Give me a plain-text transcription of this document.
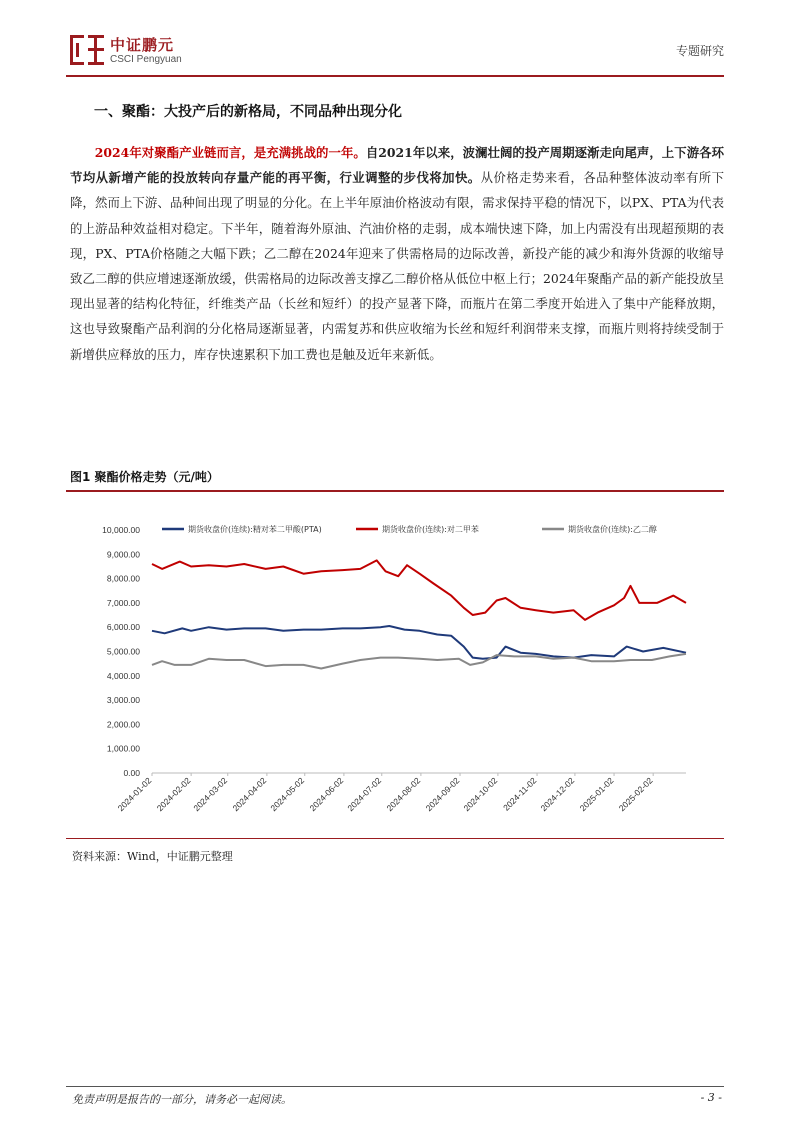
中证鹏元
CSCI Pengyuan
专题研究
一、聚酯：大投产后的新格局，不同品种出现分化
2024年对聚酯产业链而言，是充满挑战的一年。自2021年以来，波澜壮阔的投产周期逐渐走向尾声，上下游各环节均从新增产能的投放转向存量产能的再平衡，行业调整的步伐将加快。从价格走势来看，各品种整体波动率有所下降，然而上下游、品种间出现了明显的分化。在上半年原油价格波动有限，需求保持平稳的情况下，以PX、PTA为代表的上游品种效益相对稳定。下半年，随着海外原油、汽油价格的走弱，成本端快速下降，加上内需没有出现超预期的表现，PX、PTA价格随之大幅下跌；乙二醇在2024年迎来了供需格局的边际改善，新投产能的减少和海外货源的收缩导致乙二醇的供应增速逐渐放缓，供需格局的边际改善支撑乙二醇价格从低位中枢上行；2024年聚酯产品的新产能投放呈现出显著的结构化特征，纤维类产品（长丝和短纤）的投产显著下降，而瓶片在第二季度开始进入了集中产能释放期，这也导致聚酯产品利润的分化格局逐渐显著，内需复苏和供应收缩为长丝和短纤利润带来支撑，而瓶片则将持续受制于新增供应释放的压力，库存快速累积下加工费也是触及近年来新低。
图1 聚酯价格走势（元/吨）
期货收盘价(连续):精对苯二甲酸(PTA)	期货收盘价(连续):对二甲苯	期货收盘价(连续):乙二醇
10,000.00
9,000.00
8,000.00
7,000.00
6,000.00
5,000.00
4,000.00
3,000.00
2,000.00
1,000.00
0.00
2024-01-02 2024-02-02
2024-03-02 2024-04-02 2024-05-02 2024-06-02 2024-07-02 2024-08-02 2024-09-02 2024-10-02 2024-11-02 2024-12-02 2025-01-02 2025-02-02
资料来源：Wind，中证鹏元整理
免责声明是报告的一部分，请务必一起阅读。	- 3 -
